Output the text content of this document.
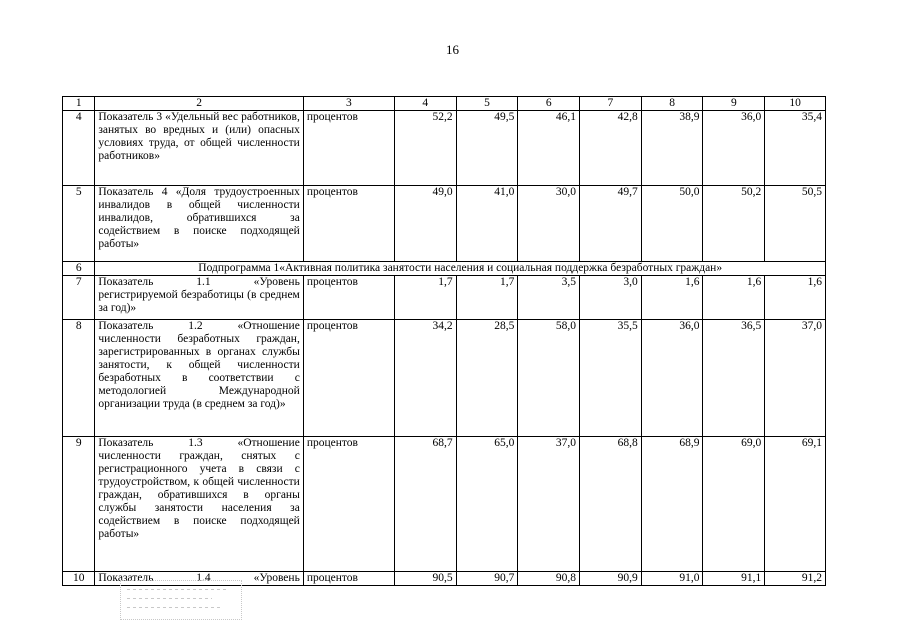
16
1	2	3	4	5	6	7	8	9	10
4	Показатель 3 «Удельный вес работников, занятых во вредных и (или) опасных условиях труда, от общей численности работников»	процентов	52,2	49,5	46,1	42,8	38,9	36,0	35,4
5	Показатель 4 «Доля трудоустроенных инвалидов в общей численности инвалидов, обратившихся за содействием в поиске подходящей работы»	процентов	49,0	41,0	30,0	49,7	50,0	50,2	50,5
6	Подпрограмма 1«Активная политика занятости населения и социальная поддержка безработных граждан»								
7	Показатель 1.1 «Уровень регистрируемой безработицы (в среднем за год)»	процентов	1,7	1,7	3,5	3,0	1,6	1,6	1,6
8	Показатель 1.2 «Отношение численности безработных граждан, зарегистрированных в органах службы занятости, к общей численности безработных в соответствии с методологией Международной организации труда (в среднем за год)»	процентов	34,2	28,5	58,0	35,5	36,0	36,5	37,0
9	Показатель 1.3 «Отношение численности граждан, снятых с регистрационного учета в связи с трудоустройством, к общей численности граждан, обратившихся в органы службы занятости населения за содействием в поиске подходящей работы»	процентов	68,7	65,0	37,0	68,8	68,9	69,0	69,1
10	Показатель 1.4 «Уровень	процентов	90,5	90,7	90,8	90,9	91,0	91,1	91,2
